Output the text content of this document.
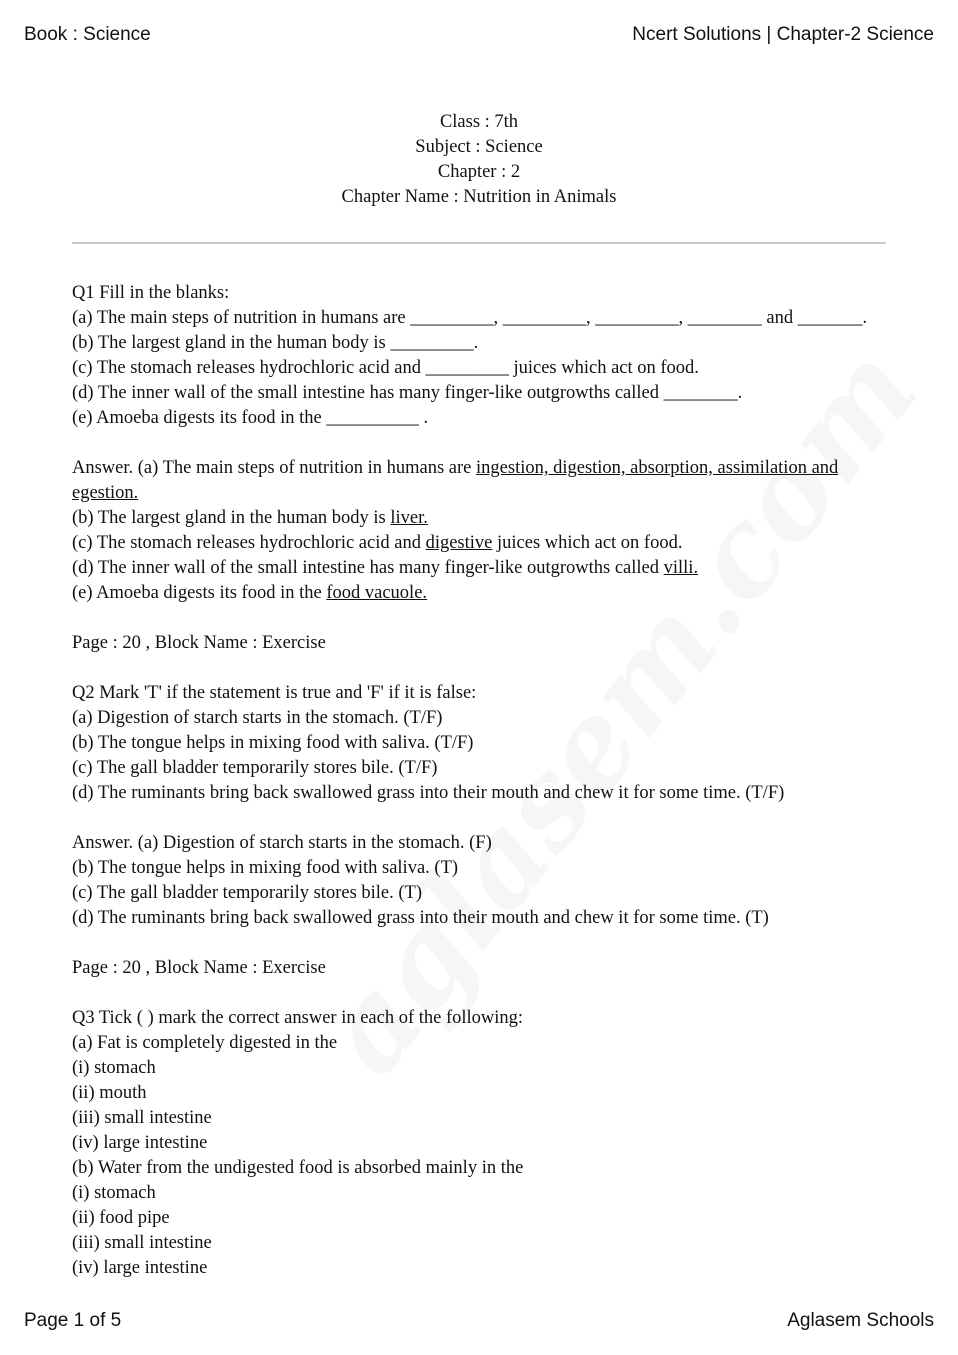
Book : Science	Ncert Solutions | Chapter-2 Science
Class : 7th
Subject : Science
Chapter : 2
Chapter Name : Nutrition in Animals
Q1 Fill in the blanks:
(a) The main steps of nutrition in humans are _________, _________, _________, ________ and _______.
(b) The largest gland in the human body is _________.
(c) The stomach releases hydrochloric acid and _________ juices which act on food.
(d) The inner wall of the small intestine has many finger-like outgrowths called ________.
(e) Amoeba digests its food in the __________ .
Answer. (a) The main steps of nutrition in humans are ingestion, digestion, absorption, assimilation and egestion.
(b) The largest gland in the human body is liver.
(c) The stomach releases hydrochloric acid and digestive juices which act on food.
(d) The inner wall of the small intestine has many finger-like outgrowths called villi.
(e) Amoeba digests its food in the food vacuole.
Page : 20 , Block Name : Exercise
Q2 Mark 'T' if the statement is true and 'F' if it is false:
(a) Digestion of starch starts in the stomach. (T/F)
(b) The tongue helps in mixing food with saliva. (T/F)
(c) The gall bladder temporarily stores bile. (T/F)
(d) The ruminants bring back swallowed grass into their mouth and chew it for some time. (T/F)
Answer. (a) Digestion of starch starts in the stomach. (F)
(b) The tongue helps in mixing food with saliva. (T)
(c) The gall bladder temporarily stores bile. (T)
(d) The ruminants bring back swallowed grass into their mouth and chew it for some time. (T)
Page : 20 , Block Name : Exercise
Q3 Tick ( ) mark the correct answer in each of the following:
(a) Fat is completely digested in the
(i) stomach
(ii) mouth
(iii) small intestine
(iv) large intestine
(b) Water from the undigested food is absorbed mainly in the
(i) stomach
(ii) food pipe
(iii) small intestine
(iv) large intestine
Page 1 of 5	Aglasem Schools
